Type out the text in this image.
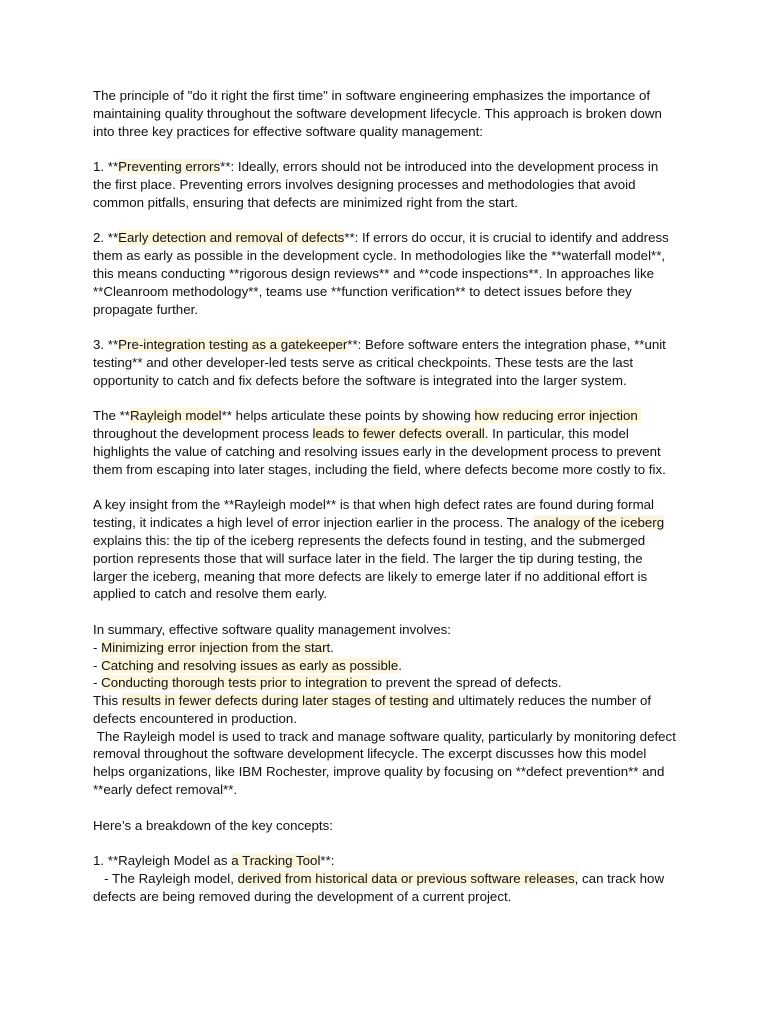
The principle of "do it right the first time" in software engineering emphasizes the importance of maintaining quality throughout the software development lifecycle. This approach is broken down into three key practices for effective software quality management:

1. **Preventing errors**: Ideally, errors should not be introduced into the development process in the first place. Preventing errors involves designing processes and methodologies that avoid common pitfalls, ensuring that defects are minimized right from the start.

2. **Early detection and removal of defects**: If errors do occur, it is crucial to identify and address them as early as possible in the development cycle. In methodologies like the **waterfall model**, this means conducting **rigorous design reviews** and **code inspections**. In approaches like **Cleanroom methodology**, teams use **function verification** to detect issues before they propagate further.

3. **Pre-integration testing as a gatekeeper**: Before software enters the integration phase, **unit testing** and other developer-led tests serve as critical checkpoints. These tests are the last opportunity to catch and fix defects before the software is integrated into the larger system.

The **Rayleigh model** helps articulate these points by showing how reducing error injection throughout the development process leads to fewer defects overall. In particular, this model highlights the value of catching and resolving issues early in the development process to prevent them from escaping into later stages, including the field, where defects become more costly to fix.

A key insight from the **Rayleigh model** is that when high defect rates are found during formal testing, it indicates a high level of error injection earlier in the process. The analogy of the iceberg explains this: the tip of the iceberg represents the defects found in testing, and the submerged portion represents those that will surface later in the field. The larger the tip during testing, the larger the iceberg, meaning that more defects are likely to emerge later if no additional effort is applied to catch and resolve them early.

In summary, effective software quality management involves:
- Minimizing error injection from the start.
- Catching and resolving issues as early as possible.
- Conducting thorough tests prior to integration to prevent the spread of defects.
This results in fewer defects during later stages of testing and ultimately reduces the number of defects encountered in production.

The Rayleigh model is used to track and manage software quality, particularly by monitoring defect removal throughout the software development lifecycle. The excerpt discusses how this model helps organizations, like IBM Rochester, improve quality by focusing on **defect prevention** and **early defect removal**.

Here’s a breakdown of the key concepts:

1. **Rayleigh Model as a Tracking Tool**:
- The Rayleigh model, derived from historical data or previous software releases, can track how defects are being removed during the development of a current project.
